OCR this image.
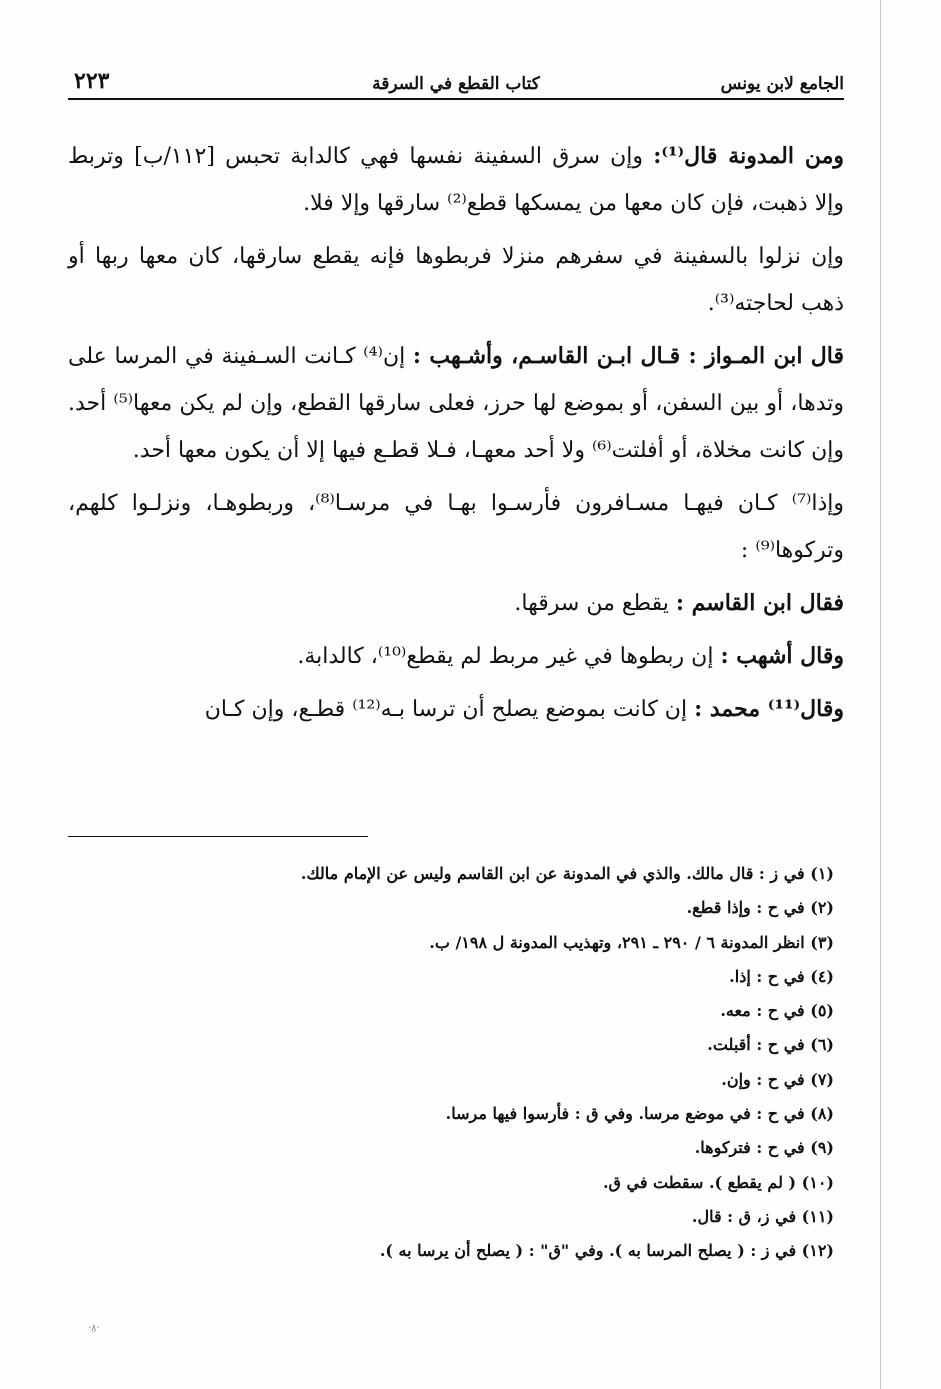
الجامع لابن يونس
كتاب القطع في السرقة
٢٢٣

ومن المدونة قال⁽¹⁾: وإن سرق السفينة نفسها فهي كالدابة تحبس [١١٢/ب] وتربط وإلا ذهبت، فإن كان معها من يمسكها قطع⁽²⁾ سارقها وإلا فلا.

وإن نزلوا بالسفينة في سفرهم منزلا فربطوها فإنه يقطع سارقها، كان معها ربها أو ذهب لحاجته⁽³⁾.

قال ابن المـواز : قـال ابـن القاسـم، وأشـهب : إن⁽⁴⁾ كـانت السـفينة في المرسا على وتدها، أو بين السفن، أو بموضع لها حرز، فعلى سارقها القطع، وإن لم يكن معها⁽⁵⁾ أحد. وإن كانت مخلاة، أو أفلتت⁽⁶⁾ ولا أحد معهـا، فـلا قطـع فيها إلا أن يكون معها أحد.

وإذا⁽⁷⁾ كـان فيهـا مسـافرون فأرسـوا بهـا في مرسـا⁽⁸⁾، وربطوهـا، ونزلـوا كلهم، وتركوها⁽⁹⁾ :

فقال ابن القاسم : يقطع من سرقها.

وقال أشهب : إن ربطوها في غير مربط لم يقطع⁽¹⁰⁾، كالدابة.

وقال⁽¹¹⁾ محمد : إن كانت بموضع يصلح أن ترسا بـه⁽¹²⁾ قطـع، وإن كـان

(١) في ز : قال مالك. والذي في المدونة عن ابن القاسم وليس عن الإمام مالك.
(٢) في ح : وإذا قطع.
(٣) انظر المدونة ٦ / ٢٩٠ ـ ٢٩١، وتهذيب المدونة ل ١٩٨/ ب.
(٤) في ح : إذا.
(٥) في ح : معه.
(٦) في ح : أقبلت.
(٧) في ح : وإن.
(٨) في ح : في موضع مرسا. وفي ق : فأرسوا فيها مرسا.
(٩) في ح : فتركوها.
(١٠) ( لم يقطع ). سقطت في ق.
(١١) في ز، ق : قال.
(١٢) في ز : ( يصلح المرسا به ). وفي "ق" : ( يصلح أن يرسا به ).
·ِ۸·
